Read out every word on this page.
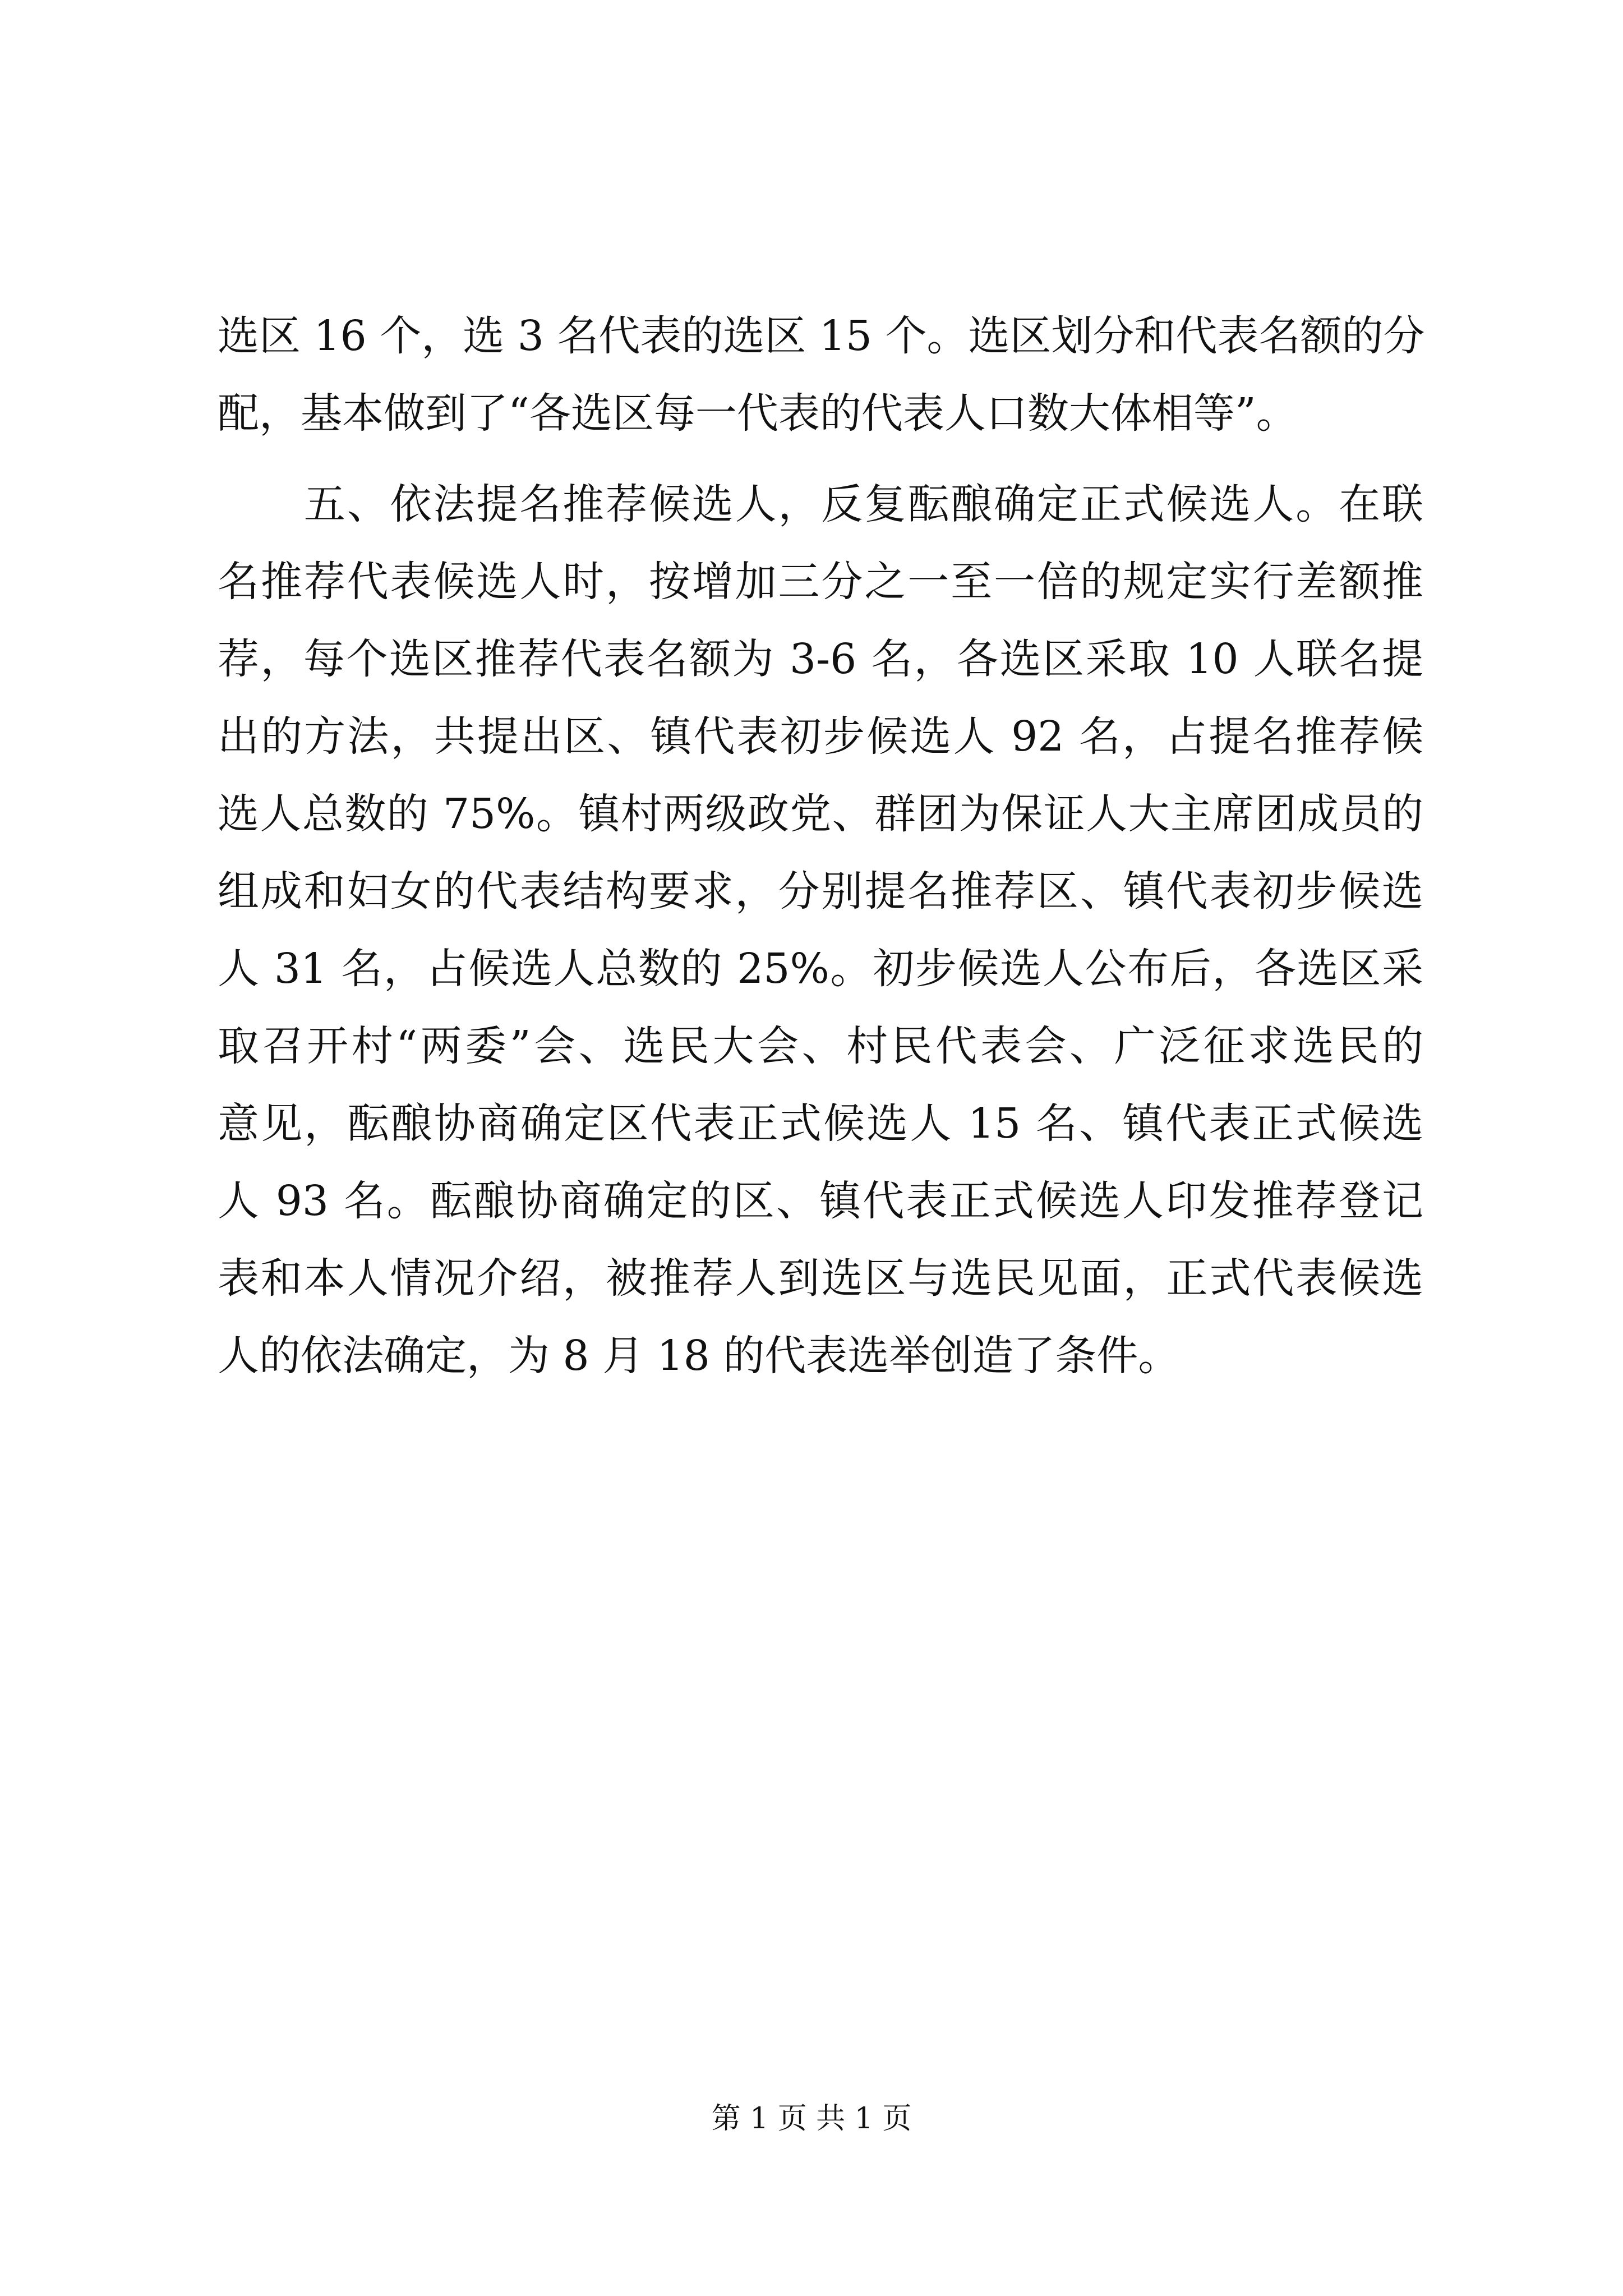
选区 16 个，选 3 名代表的选区 15 个。选区划分和代表名额的分
配，基本做到了“各选区每一代表的代表人口数大体相等”。
　　五、依法提名推荐候选人，反复酝酿确定正式候选人。在联
名推荐代表候选人时，按增加三分之一至一倍的规定实行差额推
荐，每个选区推荐代表名额为 3-6 名，各选区采取 10 人联名提
出的方法，共提出区、镇代表初步候选人 92 名，占提名推荐候
选人总数的 75%。镇村两级政党、群团为保证人大主席团成员的
组成和妇女的代表结构要求，分别提名推荐区、镇代表初步候选
人 31 名，占候选人总数的 25%。初步候选人公布后，各选区采
取召开村“两委”会、选民大会、村民代表会、广泛征求选民的
意见，酝酿协商确定区代表正式候选人 15 名、镇代表正式候选
人 93 名。酝酿协商确定的区、镇代表正式候选人印发推荐登记
表和本人情况介绍，被推荐人到选区与选民见面，正式代表候选
人的依法确定，为 8 月 18 的代表选举创造了条件。
第 1 页 共 1 页
